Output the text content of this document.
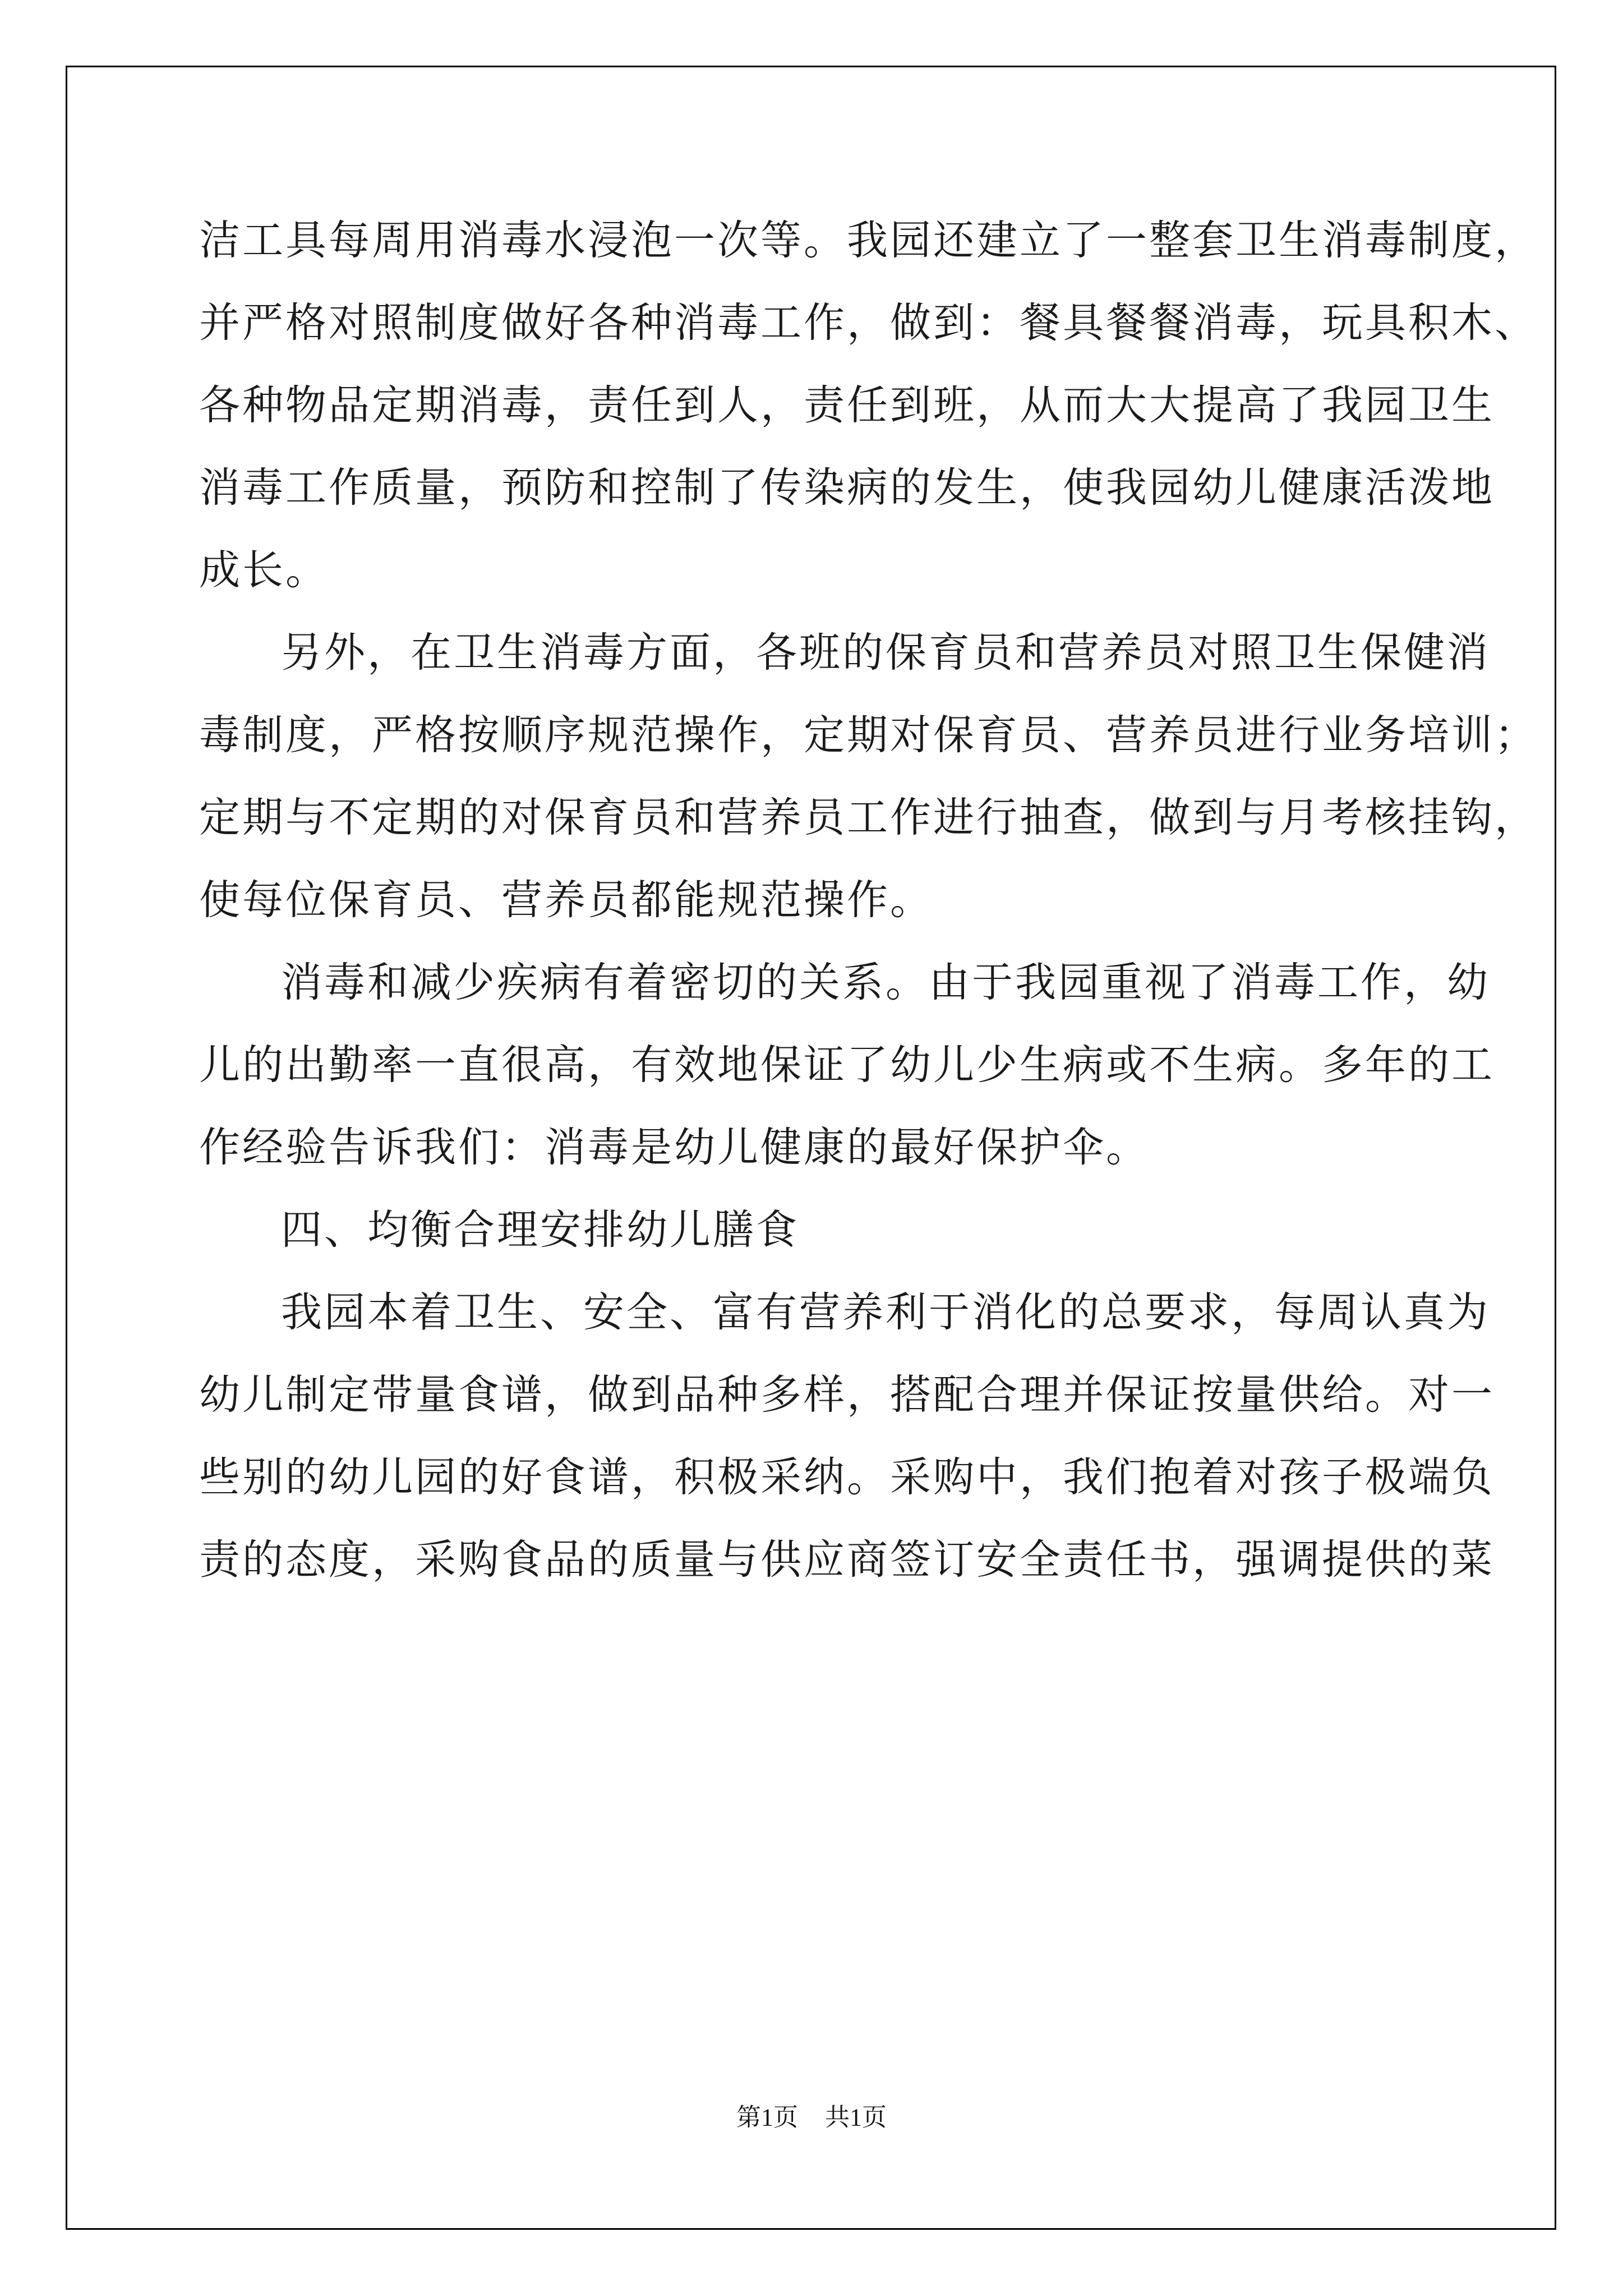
洁工具每周用消毒水浸泡一次等。我园还建立了一整套卫生消毒制度，
并严格对照制度做好各种消毒工作，做到：餐具餐餐消毒，玩具积木、
各种物品定期消毒，责任到人，责任到班，从而大大提高了我园卫生
消毒工作质量，预防和控制了传染病的发生，使我园幼儿健康活泼地
成长。
另外，在卫生消毒方面，各班的保育员和营养员对照卫生保健消
毒制度，严格按顺序规范操作，定期对保育员、营养员进行业务培训；
定期与不定期的对保育员和营养员工作进行抽查，做到与月考核挂钩，
使每位保育员、营养员都能规范操作。
消毒和减少疾病有着密切的关系。由于我园重视了消毒工作，幼
儿的出勤率一直很高，有效地保证了幼儿少生病或不生病。多年的工
作经验告诉我们：消毒是幼儿健康的最好保护伞。
四、均衡合理安排幼儿膳食
我园本着卫生、安全、富有营养利于消化的总要求，每周认真为
幼儿制定带量食谱，做到品种多样，搭配合理并保证按量供给。对一
些别的幼儿园的好食谱，积极采纳。采购中，我们抱着对孩子极端负
责的态度，采购食品的质量与供应商签订安全责任书，强调提供的菜
第1页 共1页
